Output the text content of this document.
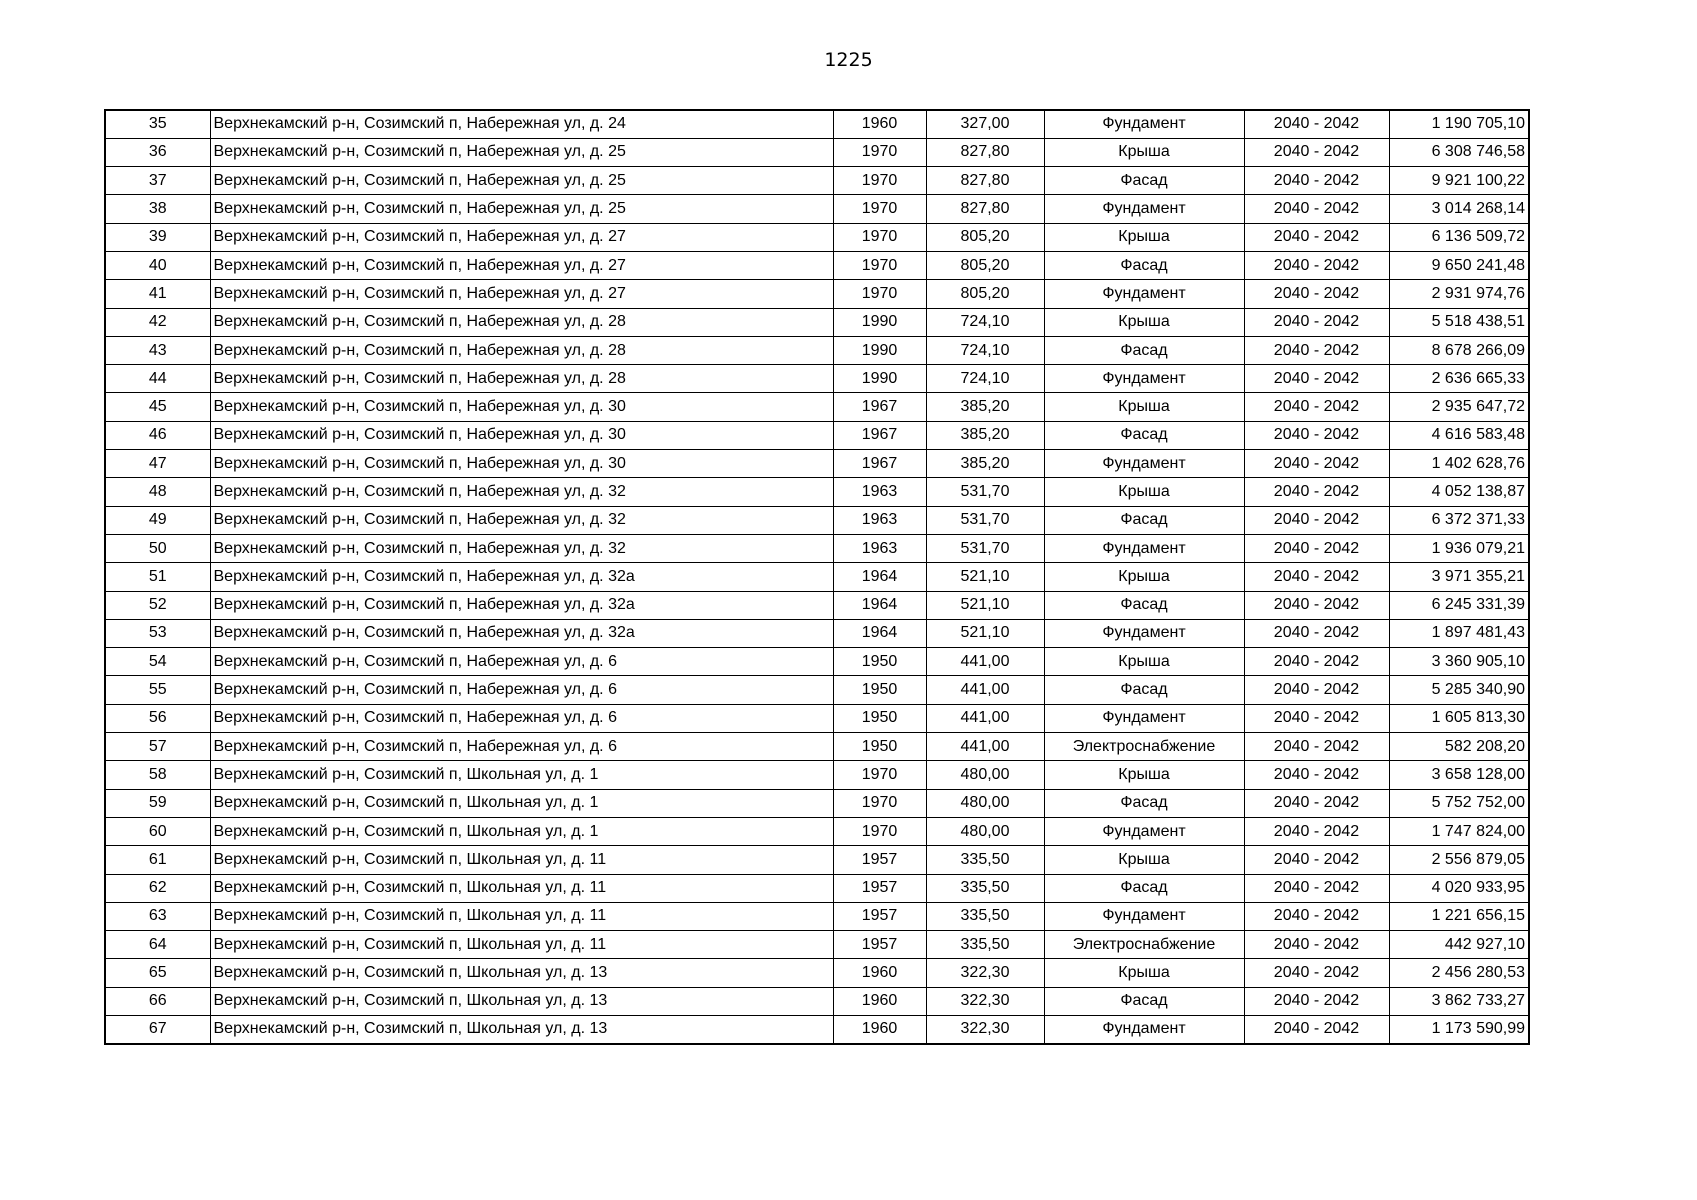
1225
35	Верхнекамский р-н, Созимский п, Набережная ул, д. 24	1960	327,00	Фундамент	2040 - 2042	1 190 705,10
36	Верхнекамский р-н, Созимский п, Набережная ул, д. 25	1970	827,80	Крыша	2040 - 2042	6 308 746,58
37	Верхнекамский р-н, Созимский п, Набережная ул, д. 25	1970	827,80	Фасад	2040 - 2042	9 921 100,22
38	Верхнекамский р-н, Созимский п, Набережная ул, д. 25	1970	827,80	Фундамент	2040 - 2042	3 014 268,14
39	Верхнекамский р-н, Созимский п, Набережная ул, д. 27	1970	805,20	Крыша	2040 - 2042	6 136 509,72
40	Верхнекамский р-н, Созимский п, Набережная ул, д. 27	1970	805,20	Фасад	2040 - 2042	9 650 241,48
41	Верхнекамский р-н, Созимский п, Набережная ул, д. 27	1970	805,20	Фундамент	2040 - 2042	2 931 974,76
42	Верхнекамский р-н, Созимский п, Набережная ул, д. 28	1990	724,10	Крыша	2040 - 2042	5 518 438,51
43	Верхнекамский р-н, Созимский п, Набережная ул, д. 28	1990	724,10	Фасад	2040 - 2042	8 678 266,09
44	Верхнекамский р-н, Созимский п, Набережная ул, д. 28	1990	724,10	Фундамент	2040 - 2042	2 636 665,33
45	Верхнекамский р-н, Созимский п, Набережная ул, д. 30	1967	385,20	Крыша	2040 - 2042	2 935 647,72
46	Верхнекамский р-н, Созимский п, Набережная ул, д. 30	1967	385,20	Фасад	2040 - 2042	4 616 583,48
47	Верхнекамский р-н, Созимский п, Набережная ул, д. 30	1967	385,20	Фундамент	2040 - 2042	1 402 628,76
48	Верхнекамский р-н, Созимский п, Набережная ул, д. 32	1963	531,70	Крыша	2040 - 2042	4 052 138,87
49	Верхнекамский р-н, Созимский п, Набережная ул, д. 32	1963	531,70	Фасад	2040 - 2042	6 372 371,33
50	Верхнекамский р-н, Созимский п, Набережная ул, д. 32	1963	531,70	Фундамент	2040 - 2042	1 936 079,21
51	Верхнекамский р-н, Созимский п, Набережная ул, д. 32а	1964	521,10	Крыша	2040 - 2042	3 971 355,21
52	Верхнекамский р-н, Созимский п, Набережная ул, д. 32а	1964	521,10	Фасад	2040 - 2042	6 245 331,39
53	Верхнекамский р-н, Созимский п, Набережная ул, д. 32а	1964	521,10	Фундамент	2040 - 2042	1 897 481,43
54	Верхнекамский р-н, Созимский п, Набережная ул, д. 6	1950	441,00	Крыша	2040 - 2042	3 360 905,10
55	Верхнекамский р-н, Созимский п, Набережная ул, д. 6	1950	441,00	Фасад	2040 - 2042	5 285 340,90
56	Верхнекамский р-н, Созимский п, Набережная ул, д. 6	1950	441,00	Фундамент	2040 - 2042	1 605 813,30
57	Верхнекамский р-н, Созимский п, Набережная ул, д. 6	1950	441,00	Электроснабжение	2040 - 2042	582 208,20
58	Верхнекамский р-н, Созимский п, Школьная ул, д. 1	1970	480,00	Крыша	2040 - 2042	3 658 128,00
59	Верхнекамский р-н, Созимский п, Школьная ул, д. 1	1970	480,00	Фасад	2040 - 2042	5 752 752,00
60	Верхнекамский р-н, Созимский п, Школьная ул, д. 1	1970	480,00	Фундамент	2040 - 2042	1 747 824,00
61	Верхнекамский р-н, Созимский п, Школьная ул, д. 11	1957	335,50	Крыша	2040 - 2042	2 556 879,05
62	Верхнекамский р-н, Созимский п, Школьная ул, д. 11	1957	335,50	Фасад	2040 - 2042	4 020 933,95
63	Верхнекамский р-н, Созимский п, Школьная ул, д. 11	1957	335,50	Фундамент	2040 - 2042	1 221 656,15
64	Верхнекамский р-н, Созимский п, Школьная ул, д. 11	1957	335,50	Электроснабжение	2040 - 2042	442 927,10
65	Верхнекамский р-н, Созимский п, Школьная ул, д. 13	1960	322,30	Крыша	2040 - 2042	2 456 280,53
66	Верхнекамский р-н, Созимский п, Школьная ул, д. 13	1960	322,30	Фасад	2040 - 2042	3 862 733,27
67	Верхнекамский р-н, Созимский п, Школьная ул, д. 13	1960	322,30	Фундамент	2040 - 2042	1 173 590,99
